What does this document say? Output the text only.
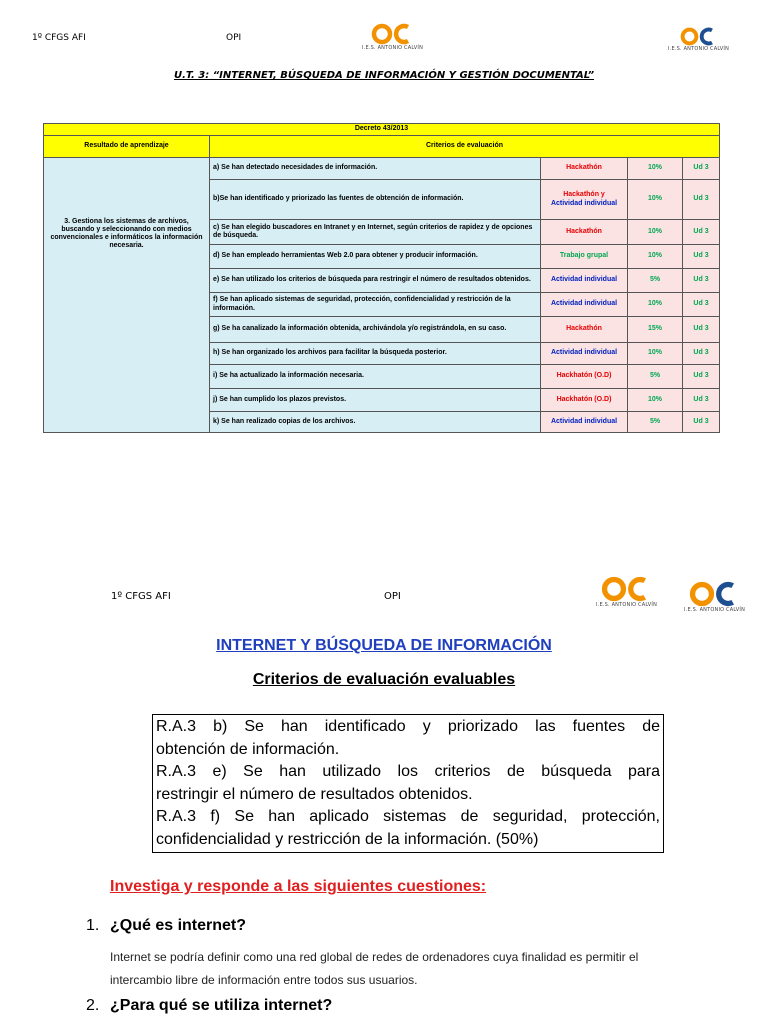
1º CFGS AFI	OPI
I.E.S. ANTONIO CALVÍN	I.E.S. ANTONIO CALVÍN
U.T. 3: “INTERNET, BÚSQUEDA DE INFORMACIÓN Y GESTIÓN DOCUMENTAL”
Decreto 43/2013				
Resultado de aprendizaje	Criterios de evaluación			
3. Gestiona los sistemas de archivos, buscando y seleccionando con medios convencionales e informáticos la información necesaria.	a) Se han detectado necesidades de información.	Hackathón	10%	Ud 3
	b)Se han identificado y priorizado las fuentes de obtención de información.	Hackathón y
Actividad individual	10%	Ud 3
	c) Se han elegido buscadores en Intranet y en Internet, según criterios de rapidez y de opciones de búsqueda.	Hackathón	10%	Ud 3
	d) Se han empleado herramientas Web 2.0 para obtener y producir información.	Trabajo grupal	10%	Ud 3
	e) Se han utilizado los criterios de búsqueda para restringir el número de resultados obtenidos.	Actividad individual	5%	Ud 3
	f) Se han aplicado sistemas de seguridad, protección, confidencialidad y restricción de la información.	Actividad individual	10%	Ud 3
	g) Se ha canalizado la información obtenida, archivándola y/o registrándola, en su caso.	Hackathón	15%	Ud 3
	h) Se han organizado los archivos para facilitar la búsqueda posterior.	Actividad individual	10%	Ud 3
	i) Se ha actualizado la información necesaria.	Hackhatón (O.D)	5%	Ud 3
	j) Se han cumplido los plazos previstos.	Hackhatón (O.D)	10%	Ud 3
	k) Se han realizado copias de los archivos.	Actividad individual	5%	Ud 3
1º CFGS AFI	OPI
I.E.S. ANTONIO CALVÍN
I.E.S. ANTONIO CALVÍN
INTERNET Y BÚSQUEDA DE INFORMACIÓN
Criterios de evaluación evaluables
R.A.3 b) Se han identificado y priorizado las fuentes de
obtención de información.
R.A.3 e) Se han utilizado los criterios de búsqueda para
restringir el número de resultados obtenidos.
R.A.3 f) Se han aplicado sistemas de seguridad, protección,
confidencialidad y restricción de la información. (50%)
Investiga y responde a las siguientes cuestiones:
1. ¿Qué es internet?
Internet se podría definir como una red global de redes de ordenadores cuya finalidad es permitir el intercambio libre de información entre todos sus usuarios.
2. ¿Para qué se utiliza internet?
